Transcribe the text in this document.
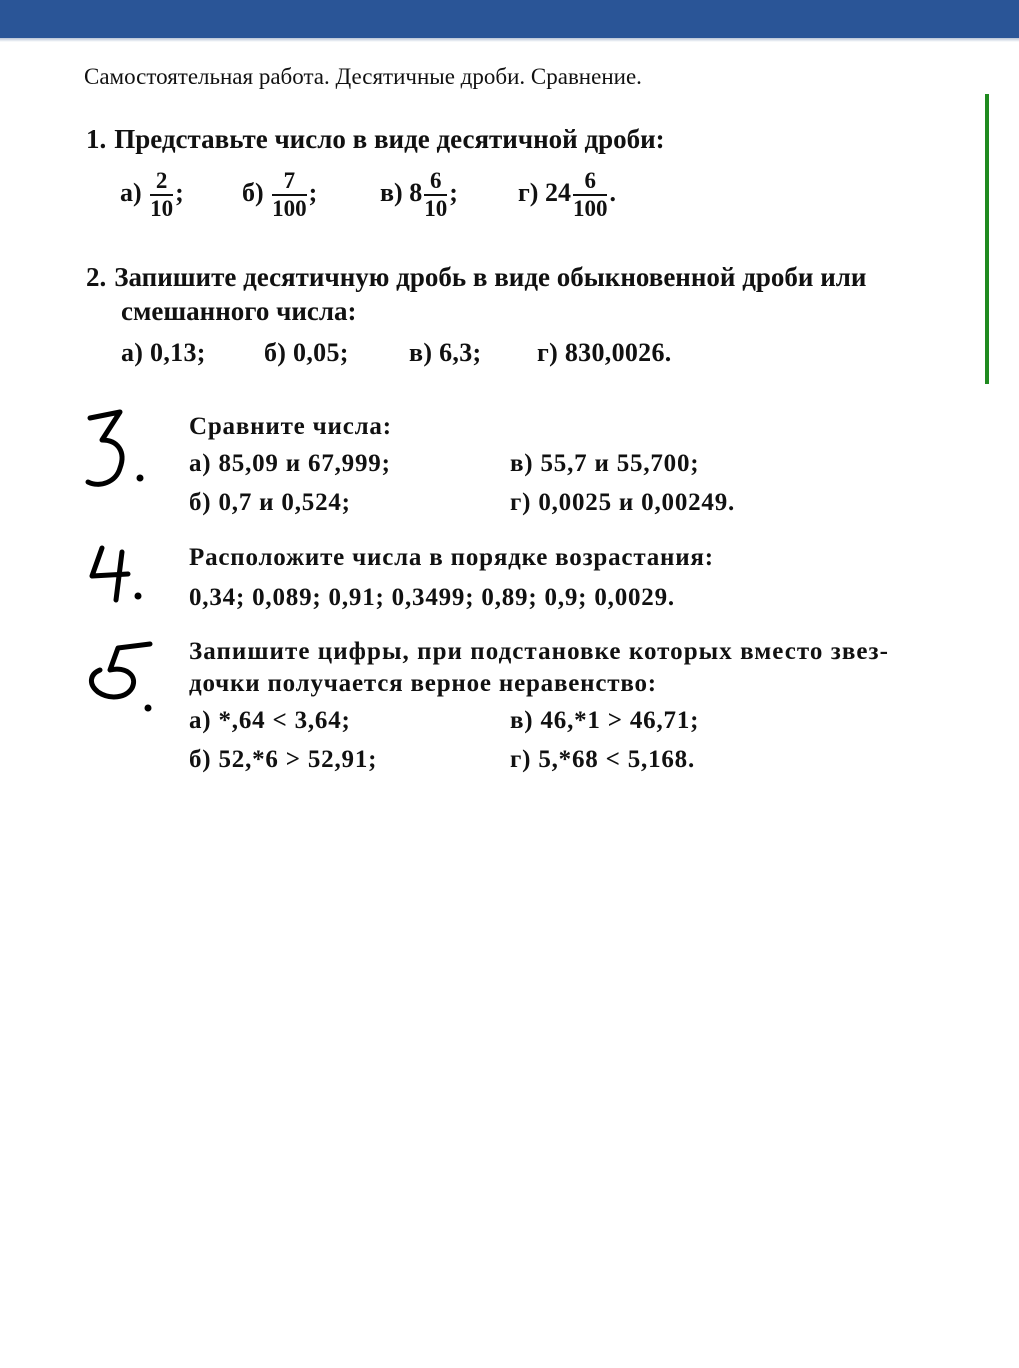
Самостоятельная работа. Десятичные дроби. Сравнение.
1. Представьте число в виде десятичной дроби:
$а) \frac{2}{10}$ ; $б) \frac{7}{100}$ ; в) $8 \frac{6}{10}$ ; г) $24 \frac{6}{100}$ .
2. Запишите десятичную дробь в виде обыкновенной дроби или
смешанного числа:
а) 0,13; б) 0,05; в) 6,3; г) 830,0026.
Сравните числа:
а) 85,09 и 67,999;	в) 55,7 и 55,700;
б) 0,7 и 0,524;	г) 0,0025 и 0,00249.
Расположите числа в порядке возрастания:
0,34; 0,089; 0,91; 0,3499; 0,89; 0,9; 0,0029.
Запишите цифры, при подстановке которых вместо звез-
дочки получается верное неравенство:
а) *,64 < 3,64;	в) 46,*1 > 46,71;
б) 52,*6 > 52,91;	г) 5,*68 < 5,168.
